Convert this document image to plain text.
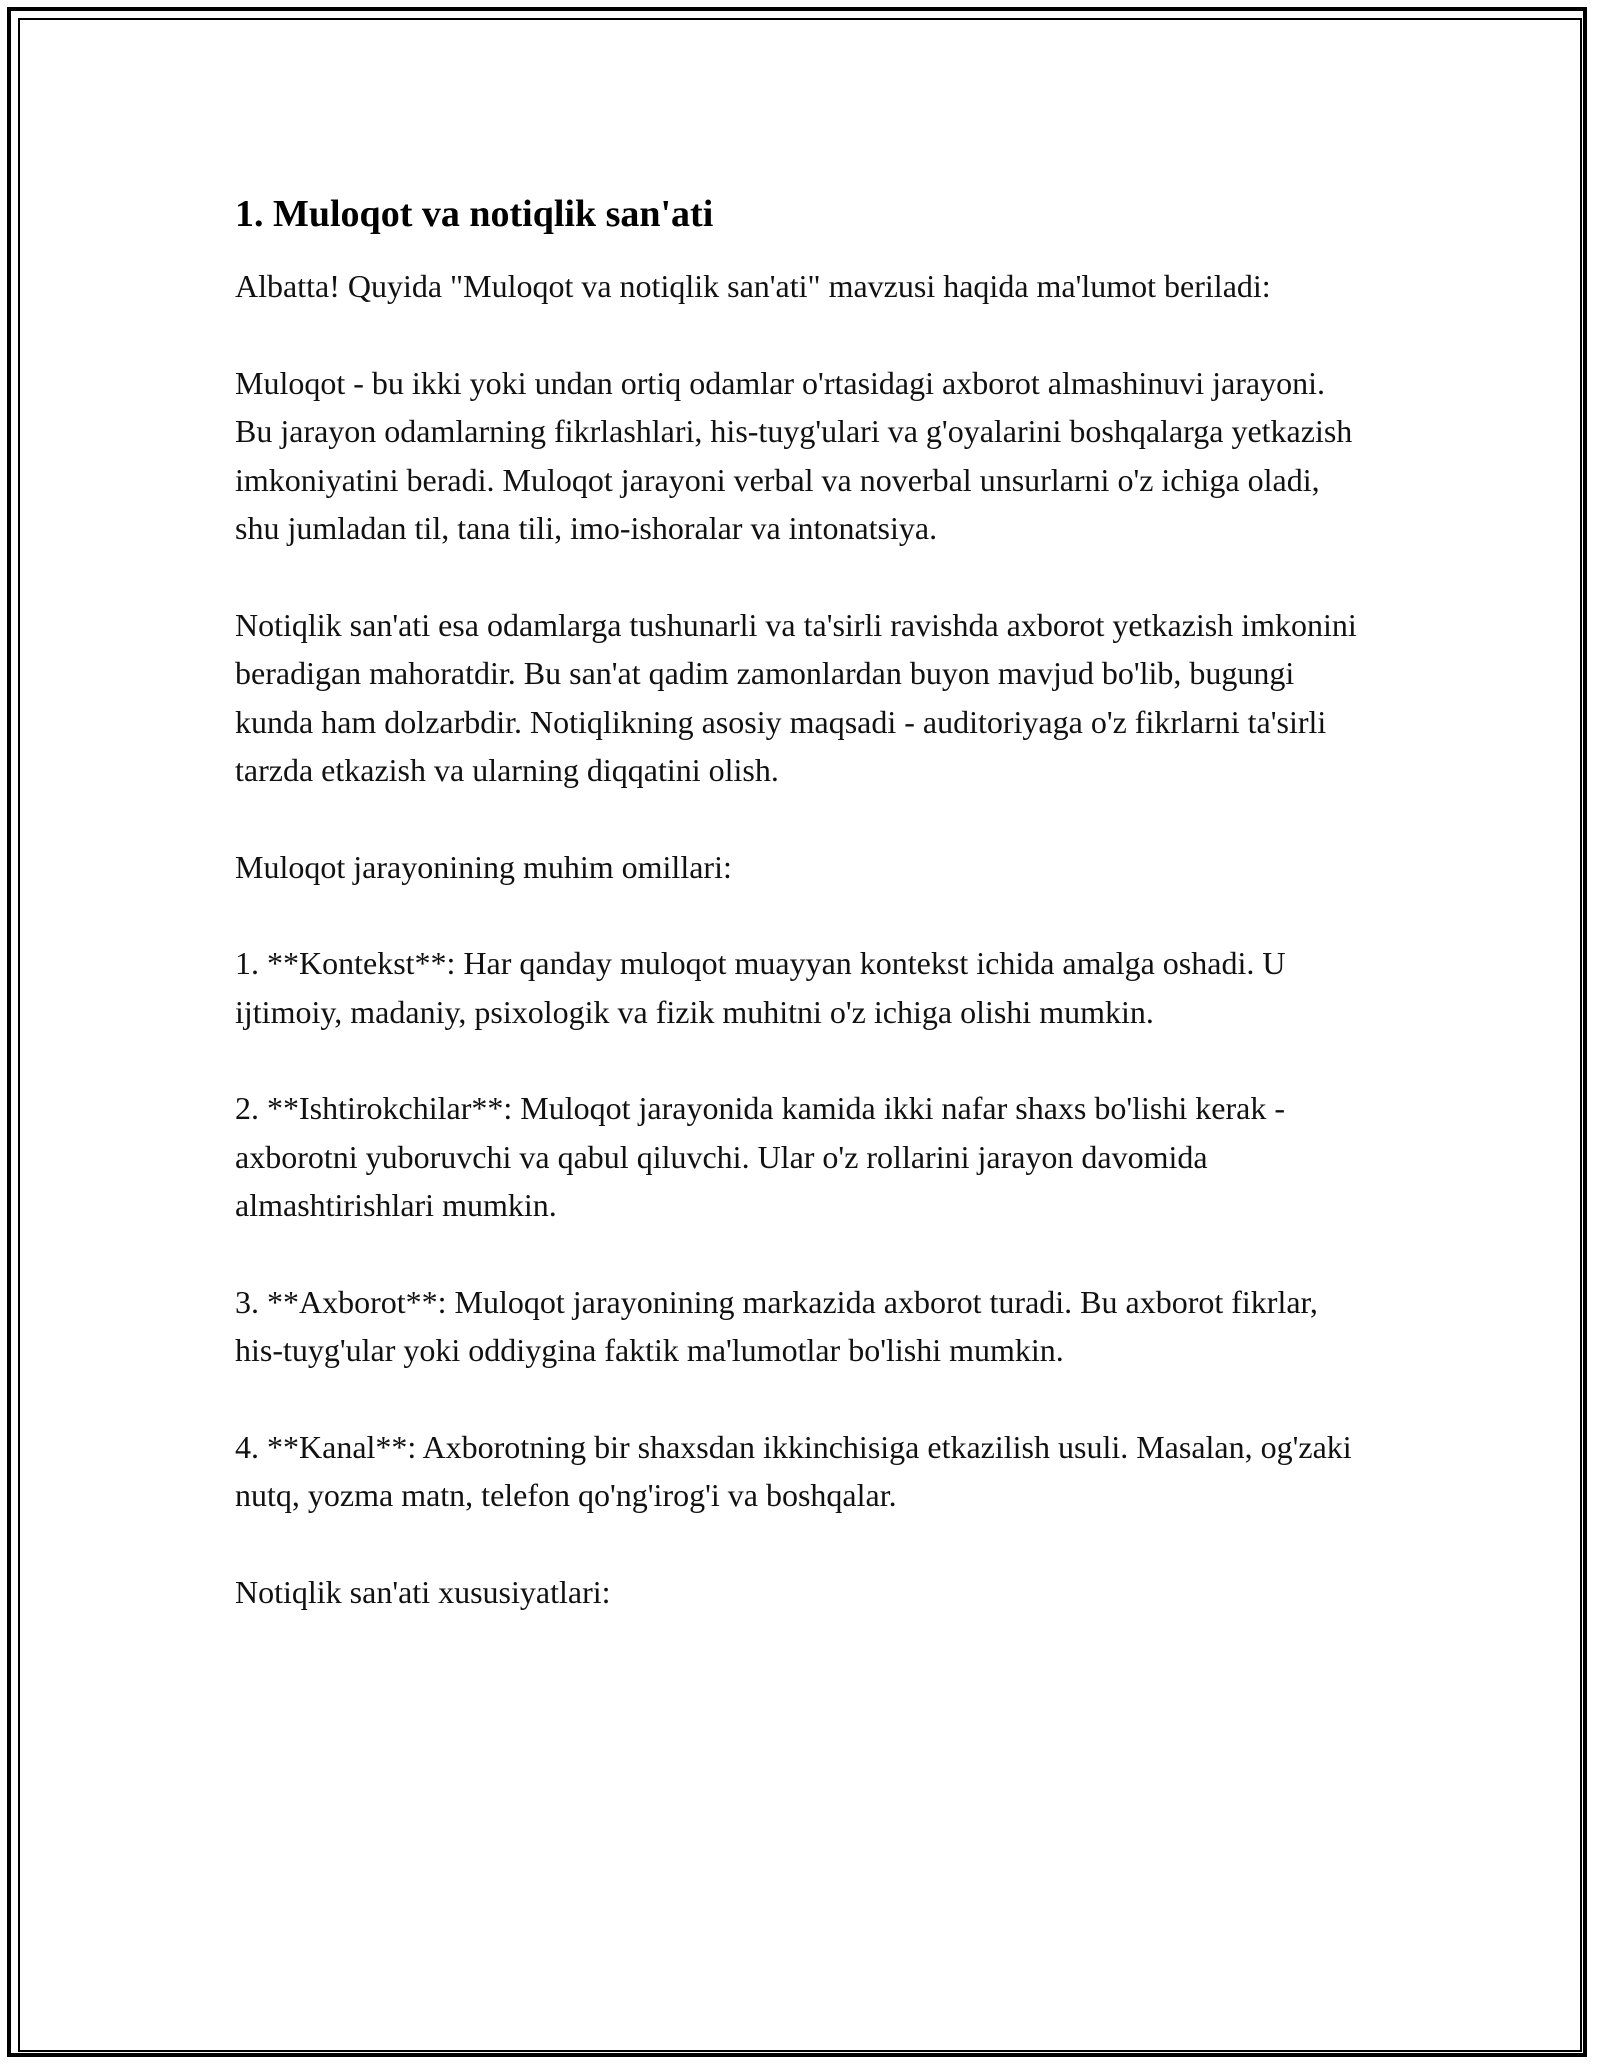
1. Muloqot va notiqlik san'ati

Albatta! Quyida "Muloqot va notiqlik san'ati" mavzusi haqida ma'lumot beriladi:

Muloqot - bu ikki yoki undan ortiq odamlar o'rtasidagi axborot almashinuvi jarayoni. Bu jarayon odamlarning fikrlashlari, his-tuyg'ulari va g'oyalarini boshqalarga yetkazish imkoniyatini beradi. Muloqot jarayoni verbal va noverbal unsurlarni o'z ichiga oladi, shu jumladan til, tana tili, imo-ishoralar va intonatsiya.

Notiqlik san'ati esa odamlarga tushunarli va ta'sirli ravishda axborot yetkazish imkonini beradigan mahoratdir. Bu san'at qadim zamonlardan buyon mavjud bo'lib, bugungi kunda ham dolzarbdir. Notiqlikning asosiy maqsadi - auditoriyaga o'z fikrlarni ta'sirli tarzda etkazish va ularning diqqatini olish.

Muloqot jarayonining muhim omillari:

1. **Kontekst**: Har qanday muloqot muayyan kontekst ichida amalga oshadi. U ijtimoiy, madaniy, psixologik va fizik muhitni o'z ichiga olishi mumkin.

2. **Ishtirokchilar**: Muloqot jarayonida kamida ikki nafar shaxs bo'lishi kerak - axborotni yuboruvchi va qabul qiluvchi. Ular o'z rollarini jarayon davomida almashtirishlari mumkin.

3. **Axborot**: Muloqot jarayonining markazida axborot turadi. Bu axborot fikrlar, his-tuyg'ular yoki oddiygina faktik ma'lumotlar bo'lishi mumkin.

4. **Kanal**: Axborotning bir shaxsdan ikkinchisiga etkazilish usuli. Masalan, og'zaki nutq, yozma matn, telefon qo'ng'irog'i va boshqalar.

Notiqlik san'ati xususiyatlari:
